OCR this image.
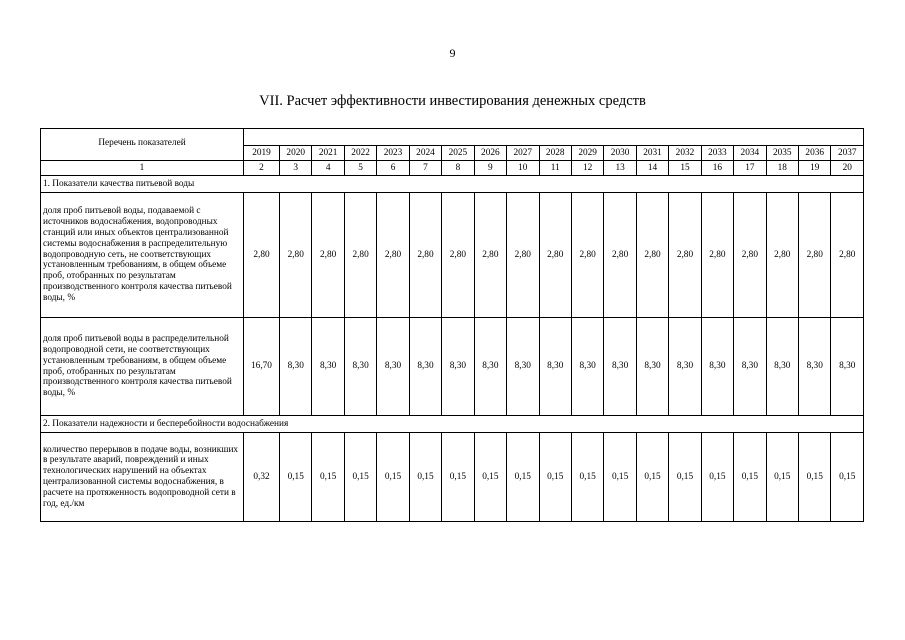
9
VII. Расчет эффективности инвестирования денежных средств
Перечень показателей																			
	2019	2020	2021	2022	2023	2024	2025	2026	2027	2028	2029	2030	2031	2032	2033	2034	2035	2036	2037
1	2	3	4	5	6	7	8	9	10	11	12	13	14	15	16	17	18	19	20
1. Показатели качества питьевой воды																			
доля проб питьевой воды, подаваемой с источников водоснабжения, водопроводных станций или иных объектов централизованной системы водоснабжения в распределительную водопроводную сеть, не соответствующих установленным требованиям, в общем объеме проб, отобранных по результатам производственного контроля качества питьевой воды, %	2,80	2,80	2,80	2,80	2,80	2,80	2,80	2,80	2,80	2,80	2,80	2,80	2,80	2,80	2,80	2,80	2,80	2,80	2,80
доля проб питьевой воды в распределительной водопроводной сети, не соответствующих установленным требованиям, в общем объеме проб, отобранных по результатам производственного контроля качества питьевой воды, %	16,70	8,30	8,30	8,30	8,30	8,30	8,30	8,30	8,30	8,30	8,30	8,30	8,30	8,30	8,30	8,30	8,30	8,30	8,30
2. Показатели надежности и бесперебойности водоснабжения																			
количество перерывов в подаче воды, возникших в результате аварий, повреждений и иных технологических нарушений на объектах централизованной системы водоснабжения, в расчете на протяженность водопроводной сети в год, ед./км	0,32	0,15	0,15	0,15	0,15	0,15	0,15	0,15	0,15	0,15	0,15	0,15	0,15	0,15	0,15	0,15	0,15	0,15	0,15
